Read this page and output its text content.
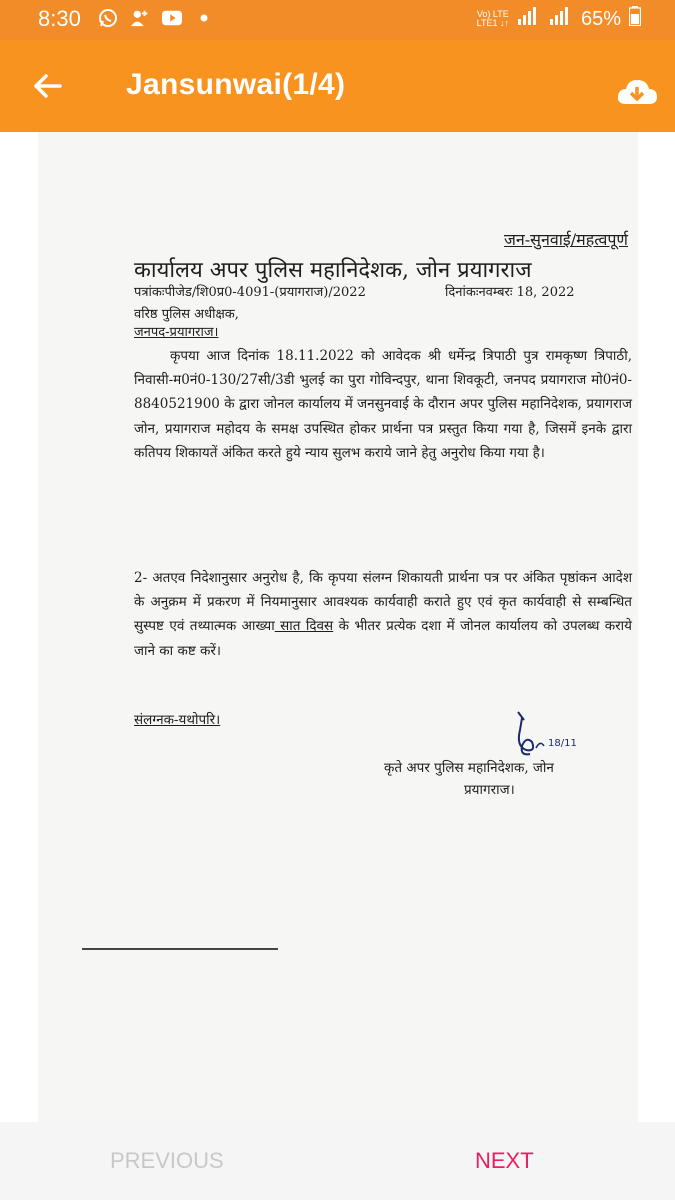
8:30	Vo) LTE
LTE1 ↓↑	65%
Jansunwai(1/4)
जन-सुनवाई/महत्वपूर्ण
कार्यालय अपर पुलिस महानिदेशक, जोन प्रयागराज
पत्रांकःपीजेड/शि0प्र0-4091-(प्रयागराज)/2022	दिनांकःनवम्बरः 18, 2022
वरिष्ठ पुलिस अधीक्षक,
जनपद-प्रयागराज।
कृपया आज दिनांक 18.11.2022 को आवेदक श्री धर्मेन्द्र त्रिपाठी पुत्र रामकृष्ण त्रिपाठी, निवासी-म0नं0-130/27सी/3डी भुलई का पुरा गोविन्दपुर, थाना शिवकूटी, जनपद प्रयागराज मो0नं0-8840521900 के द्वारा जोनल कार्यालय में जनसुनवाई के दौरान अपर पुलिस महानिदेशक, प्रयागराज जोन, प्रयागराज महोदय के समक्ष उपस्थित होकर प्रार्थना पत्र प्रस्तुत किया गया है, जिसमें इनके द्वारा कतिपय शिकायतें अंकित करते हुये न्याय सुलभ कराये जाने हेतु अनुरोध किया गया है।
2- अतएव निदेशानुसार अनुरोध है, कि कृपया संलग्न शिकायती प्रार्थना पत्र पर अंकित पृष्ठांकन आदेश के अनुक्रम में प्रकरण में नियमानुसार आवश्यक कार्यवाही कराते हुए एवं कृत कार्यवाही से सम्बन्धित सुस्पष्ट एवं तथ्यात्मक आख्या सात दिवस के भीतर प्रत्येक दशा में जोनल कार्यालय को उपलब्ध कराये जाने का कष्ट करें।
संलग्नक-यथोपरि।
18/11
कृते अपर पुलिस महानिदेशक, जोन
प्रयागराज।
PREVIOUS	NEXT
